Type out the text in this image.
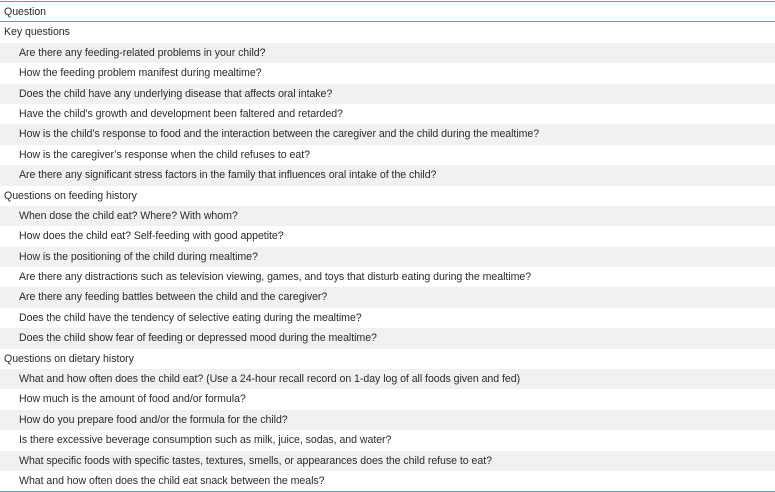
Question
Key questions
Are there any feeding-related problems in your child?
How the feeding problem manifest during mealtime?
Does the child have any underlying disease that affects oral intake?
Have the child’s growth and development been faltered and retarded?
How is the child’s response to food and the interaction between the caregiver and the child during the mealtime?
How is the caregiver’s response when the child refuses to eat?
Are there any significant stress factors in the family that influences oral intake of the child?
Questions on feeding history
When dose the child eat? Where? With whom?
How does the child eat? Self-feeding with good appetite?
How is the positioning of the child during mealtime?
Are there any distractions such as television viewing, games, and toys that disturb eating during the mealtime?
Are there any feeding battles between the child and the caregiver?
Does the child have the tendency of selective eating during the mealtime?
Does the child show fear of feeding or depressed mood during the mealtime?
Questions on dietary history
What and how often does the child eat? (Use a 24-hour recall record on 1-day log of all foods given and fed)
How much is the amount of food and/or formula?
How do you prepare food and/or the formula for the child?
Is there excessive beverage consumption such as milk, juice, sodas, and water?
What specific foods with specific tastes, textures, smells, or appearances does the child refuse to eat?
What and how often does the child eat snack between the meals?
